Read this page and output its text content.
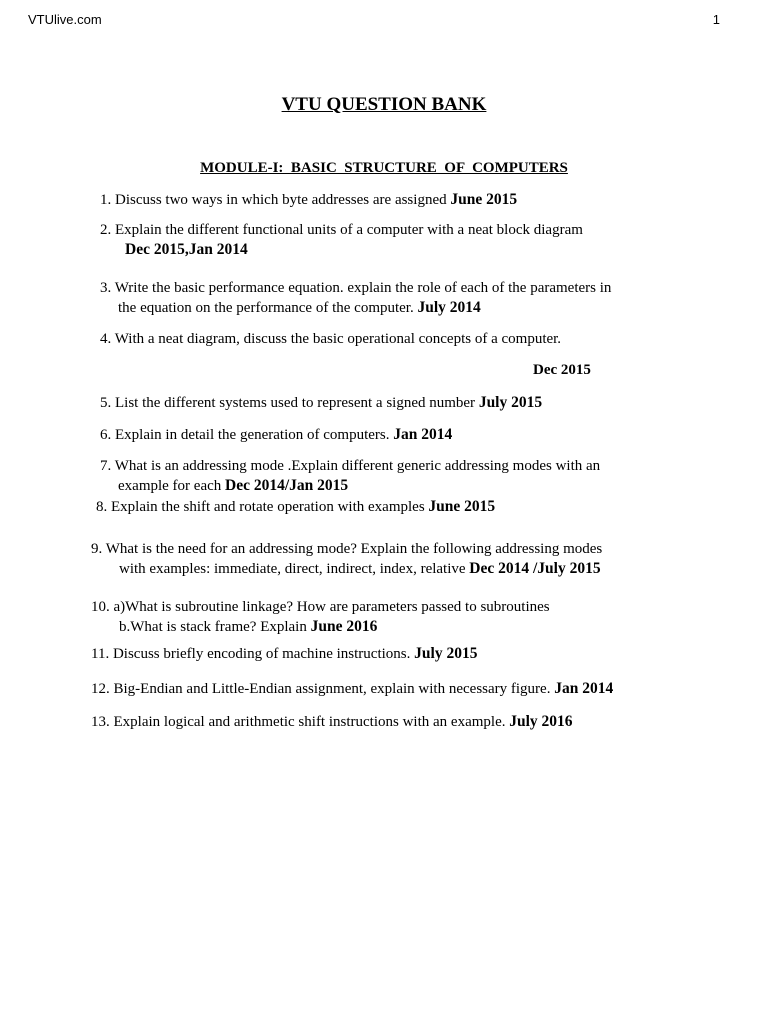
VTUlive.com	1
VTU QUESTION BANK
MODULE-I:  BASIC  STRUCTURE  OF  COMPUTERS
1. Discuss two ways in which byte addresses are assigned June 2015
2. Explain the different functional units of a computer with a neat block diagram
Dec 2015,Jan 2014
3. Write the basic performance equation. explain the role of each of the parameters in
the equation on the performance of the computer. July 2014
4. With a neat diagram, discuss the basic operational concepts of a computer.
Dec 2015
5. List the different systems used to represent a signed number July 2015
6. Explain in detail the generation of computers. Jan 2014
7. What is an addressing mode .Explain different generic addressing modes with an
example for each Dec 2014/Jan 2015
8. Explain the shift and rotate operation with examples June 2015
9. What is the need for an addressing mode? Explain the following addressing modes
with examples: immediate, direct, indirect, index, relative Dec 2014 /July 2015
10. a)What is subroutine linkage? How are parameters passed to subroutines
b.What is stack frame? Explain June 2016
11. Discuss briefly encoding of machine instructions. July 2015
12. Big-Endian and Little-Endian assignment, explain with necessary figure. Jan 2014
13. Explain logical and arithmetic shift instructions with an example. July 2016
